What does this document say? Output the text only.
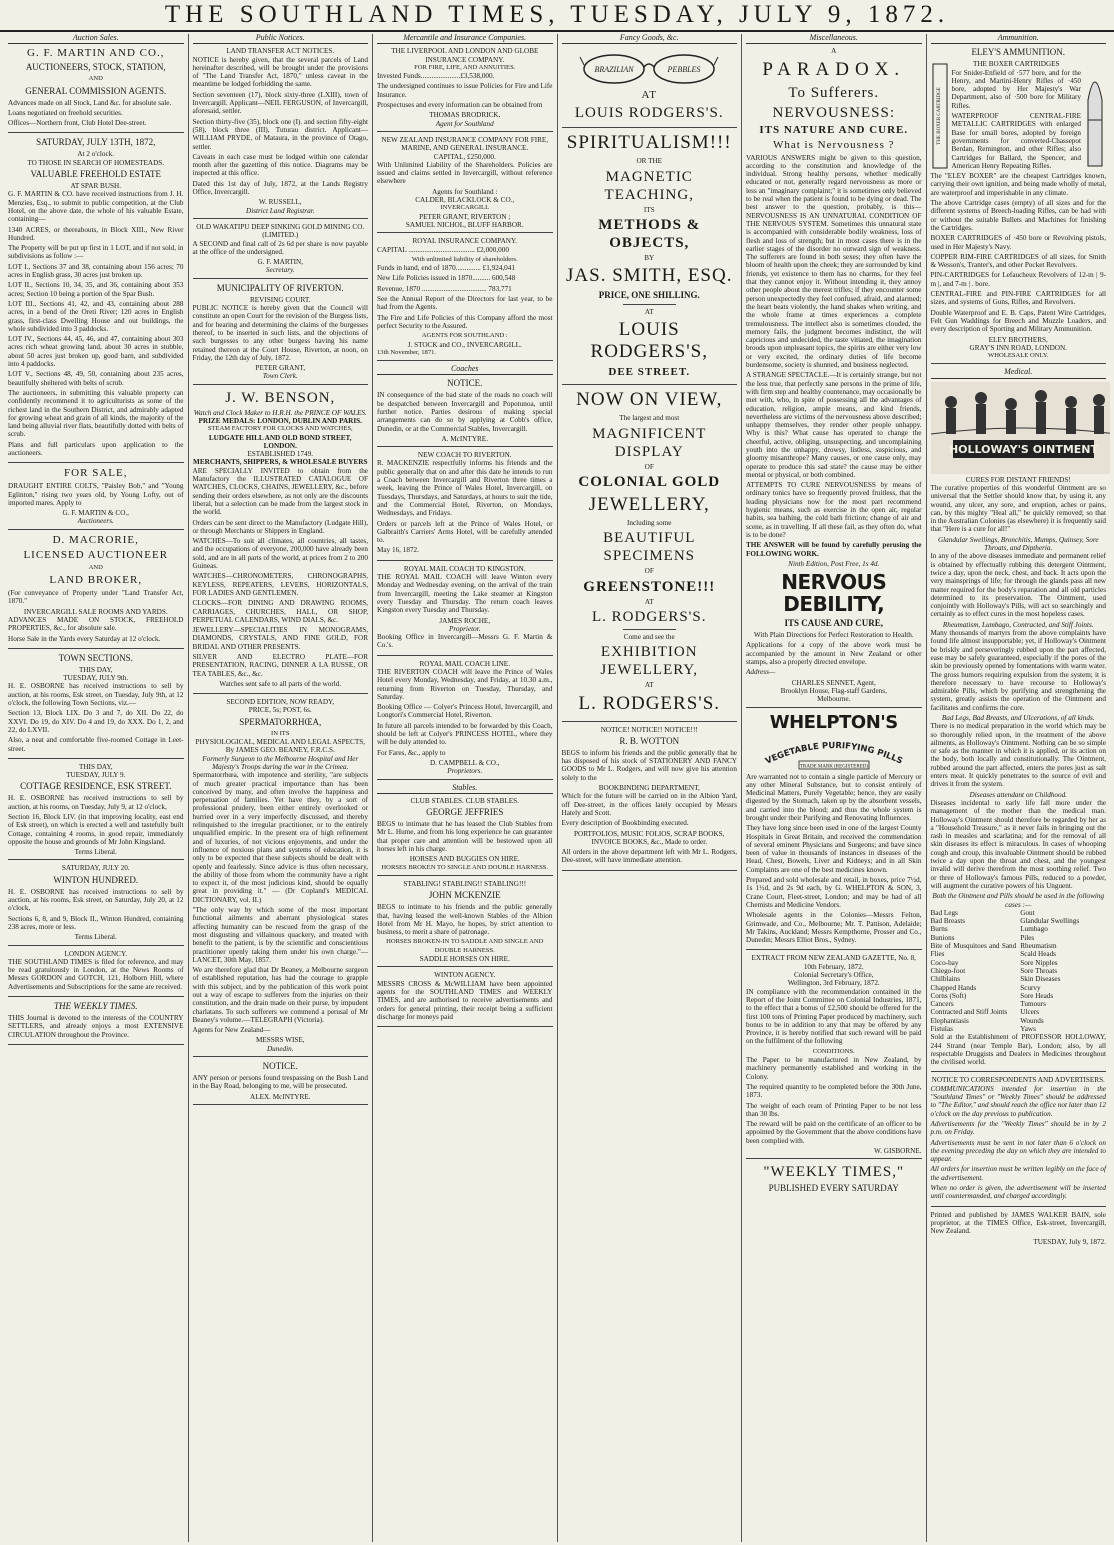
THE SOUTHLAND TIMES, TUESDAY, JULY 9, 1872.
Auction Sales.
G. F. MARTIN AND CO.,
AUCTIONEERS, STOCK, STATION,
AND
GENERAL COMMISSION AGENTS.

Advances made on all Stock, Land &c. for absolute sale.

Loans negotiated on freehold securities.

Offices—Northern front, Club Hotel Dee-street.

SATURDAY, JULY 13TH, 1872,
At 2 o'clock.
TO THOSE IN SEARCH OF HOMESTEADS.
VALUABLE FREEHOLD ESTATE
AT SPAR BUSH.

G. F. MARTIN & CO. have received instructions from J. H. Menzies, Esq., to submit to public competition, at the Club Hotel, on the above date, the whole of his valuable Estate, containing—

1340 ACRES, or thereabouts, in Block XIII., New River Hundred.

The Property will be put up first in 1 LOT, and if not sold, in subdivisions as follow :—

LOT I., Sections 37 and 38, containing about 156 acres; 70 acres in English grass, 30 acres just broken up.

LOT II., Sections 10, 34, 35, and 36, containing about 353 acres; Section 10 being a portion of the Spar Bush.

LOT III., Sections 41, 42, and 43, containing about 288 acres, in a bend of the Oreti River; 120 acres in English grass, first-class Dwelling House and out buildings, the whole subdivided into 3 paddocks.

LOT IV., Sections 44, 45, 46, and 47, containing about 303 acres rich wheat growing land, about 30 acres in stubble, about 50 acres just broken up, good barn, and subdivided into 4 paddocks.

LOT V., Sections 48, 49, 50, containing about 235 acres, beautifully sheltered with belts of scrub.

The auctioneers, in submitting this valuable property can confidently recommend it to agriculturists as some of the richest land in the Southern District, and admirably adapted for growing wheat and grain of all kinds, the majority of the land being alluvial river flats, beautifully dotted with belts of scrub.

Plans and full particulars upon application to the auctioneers.

FOR SALE,

DRAUGHT ENTIRE COLTS, "Paisley Bob," and "Young Eglinton," rising two years old, by Young Lofty, out of imported mares. Apply to

G. F. MARTIN & CO.,
Auctioneers.
D. MACRORIE,
LICENSED AUCTIONEER
AND
LAND BROKER,

(For conveyance of Property under "Land Transfer Act, 1870."

INVERCARGILL SALE ROOMS AND YARDS.

ADVANCES MADE ON STOCK, FREEHOLD PROPERTIES, &c., for absolute sale.

Horse Sale in the Yards every Saturday at 12 o'clock.

TOWN SECTIONS.
THIS DAY,
TUESDAY, JULY 9th.

H. E. OSBORNE has received instructions to sell by auction, at his rooms, Esk street, on Tuesday, July 9th, at 12 o'clock, the following Town Sections, viz.—

Section 13, Block LIX. Do 3 and 7, do XII. Do 22, do XXVI. Do 19, do XIV. Do 4 and 19, do XXX. Do 1, 2, and 22, do LXVII.

Also, a neat and comfortable five-roomed Cottage in Leet-street.

THIS DAY,
TUESDAY, JULY 9.
COTTAGE RESIDENCE, ESK STREET.

H. E. OSBORNE has received instructions to sell by auction, at his rooms, on Tuesday, July 9, at 12 o'clock,

Section 16, Block LIV. (in that improving locality, east end of Esk street), on which is erected a well and tastefully built Cottage, containing 4 rooms, in good repair, immediately opposite the house and grounds of Mr John Kingsland.

Terms Liberal.
SATURDAY, JULY 20.
WINTON HUNDRED.

H. E. OSBORNE has received instructions to sell by auction, at his rooms, Esk street, on Saturday, July 20, at 12 o'clock,

Sections 6, 8, and 9, Block II., Winton Hundred, containing 238 acres, more or less.

Terms Liberal.
LONDON AGENCY.

THE SOUTHLAND TIMES is filed for reference, and may be read gratuitously in London, at the News Rooms of Messrs GORDON and GOTCH, 121, Holborn Hill, where Advertisements and Subscriptions for the same are received.

THE WEEKLY TIMES.

THIS Journal is devoted to the interests of the COUNTRY SETTLERS, and already enjoys a most EXTENSIVE CIRCULATION throughout the Province.

Public Notices.
LAND TRANSFER ACT NOTICES.

NOTICE is hereby given, that the several parcels of Land hereinafter described, will be brought under the provisions of "The Land Transfer Act, 1870," unless caveat in the meantime be lodged forbidding the same.

Section seventeen (17), block sixty-three (LXIII), town of Invercargill. Applicant—NEIL FERGUSON, of Invercargill, aforesaid, settler.

Section thirty-five (35), block one (I). and section fifty-eight (58), block three (III), Tuturau district. Applicant—WILLIAM PRYDE, of Mataura, in the province of Otago, settler.

Caveats in each case must be lodged within one calendar month after the gazetting of this notice. Diagrams may be inspected at this office.

Dated this 1st day of July, 1872, at the Lands Registry Office, Invercargill.

W. RUSSELL,
District Land Registrar.
OLD WAKATIPU DEEP SINKING GOLD MINING CO. (LIMITED.)

A SECOND and final call of 2s 6d per share is now payable at the office of the undersigned.

G. F. MARTIN,
Secretary.
MUNICIPALITY OF RIVERTON.
REVISING COURT.

PUBLIC NOTICE is hereby given that the Council will constitute an open Court for the revision of the Burgess lists, and for hearing and determining the claims of the burgesses thereof, to be inserted in such lists, and the objections of such burgesses to any other burgess having his name retained thereon at the Court House, Riverton, at noon, on Friday, the 12th day of July, 1872.

PETER GRANT,
Town Clerk.
J. W. BENSON,
Watch and Clock Maker to H.R.H. the PRINCE OF WALES.
PRIZE MEDALS: LONDON, DUBLIN AND PARIS.
STEAM FACTORY FOR CLOCKS AND WATCHES,
LUDGATE HILL AND OLD BOND STREET, LONDON.
ESTABLISHED 1749.
MERCHANTS, SHIPPERS, & WHOLESALE BUYERS

ARE SPECIALLY INVITED to obtain from the Manufactory the ILLUSTRATED CATALOGUE OF WATCHES, CLOCKS, CHAINS, JEWELLERY, &c., before sending their orders elsewhere, as not only are the discounts liberal, but a selection can be made from the largest stock in the world.

Orders can be sent direct to the Manufactory (Ludgate Hill), or through Merchants or Shippers in England.

WATCHES—To suit all climates, all countries, all tastes, and the occupations of everyone, 200,000 have already been sold, and are in all parts of the world, at prices from 2 to 200 Guineas.

WATCHES—CHRONOMETERS, CHRONOGRAPHS, KEYLESS, REPEATERS, LEVERS, HORIZONTALS, FOR LADIES AND GENTLEMEN.

CLOCKS—FOR DINING AND DRAWING ROOMS, CARRIAGES, CHURCHES, HALL, OR SHOP, PERPETUAL CALENDARS, WIND DIALS, &c.

JEWELLERY—SPECIALITIES IN MONOGRAMS, DIAMONDS, CRYSTALS, AND FINE GOLD, FOR BRIDAL AND OTHER PRESENTS.

SILVER AND ELECTRO PLATE—FOR PRESENTATION, RACING, DINNER A LA RUSSE, OR TEA TABLES, &c., &c.

Watches sent safe to all parts of the world.

SECOND EDITION, NOW READY,
PRICE, 5s; POST, 6s.
SPERMATORRHŒA,
IN ITS
PHYSIOLOGICAL, MEDICAL AND LEGAL ASPECTS,
By JAMES GEO. BEANEY, F.R.C.S.
Formerly Surgeon to the Melbourne Hospital and Her Majesty's Troops during the war in the Crimea.

Spermatorrhœa, with impotence and sterility, "are subjects of much greater practical importance than has been conceived by many, and often involve the happiness and perpetuation of families. Yet have they, by a sort of professional prudery, been either entirely overlooked or hurried over in a very imperfectly discussed, and thereby relinquished to the irregular practitioner, or to the entirely unqualified empiric. In the present era of high refinement and of luxuries, of not vicious enjoyments, and under the influence of noxious plans and systems of education, it is only to be expected that these subjects should be dealt with openly and fearlessly. Since advice is thus often necessary, the ability of those from whom the community have a right to expect it, of the most judicious kind, should be equally great in providing it." — (Dr Copland's MEDICAL DICTIONARY, vol. II.)

"The only way by which some of the most important functional ailments and aberrant physiological states affecting humanity can be rescued from the grasp of the most disgusting and villainous quackery, and treated with benefit to the patient, is by the scientific and conscientious practitioner openly taking them under his own charge."—LANCET, 30th May, 1857.

We are therefore glad that Dr Beaney, a Melbourne surgeon of established reputation, has had the courage to grapple with this subject, and by the publication of this work point out a way of escape to sufferers from the injuries on their constitution, and the drain made on their purse, by impudent charlatans. To such sufferers we commend a perusal of Mr Beaney's volume.—TELEGRAPH (Victoria).

Agents for New Zealand—

MESSRS WISE,
Dunedin.
NOTICE.

ANY person or persons found trespassing on the Bush Land in the Bay Road, belonging to me, will be prosecuted.

ALEX. McINTYRE.
Mercantile and Insurance Companies.
THE LIVERPOOL AND LONDON AND GLOBE INSURANCE COMPANY.
FOR FIRE, LIFE, AND ANNUITIES.

Invested Funds......................£3,538,000.

The undersigned continues to issue Policies for Fire and Life Insurance.

Prospectuses and every information can be obtained from

THOMAS BRODRICK,
Agent for Southland
NEW ZEALAND INSURANCE COMPANY FOR FIRE, MARINE, AND GENERAL INSURANCE.
CAPITAL, £250,000.

With Unlimited Liability of the Shareholders. Policies are issued and claims settled in Invercargill, without reference elsewhere

Agents for Southland :
CALDER, BLACKLOCK & CO.,
INVERCARGILL
PETER GRANT, RIVERTON ;
SAMUEL NICHOL, BLUFF HARBOR.
ROYAL INSURANCE COMPANY.

CAPITAL ..................................... £2,000,000

With unlimited liability of shareholders.

Funds in hand, end of 1870.............. £1,924,041

New Life Policies issued in 1870.......... 600,548

Revenue, 1870 .................................... 783,771

See the Annual Report of the Directors for last year, to be had from the Agents.

The Fire and Life Policies of this Company afford the most perfect Security to the Assured.

AGENTS FOR SOUTHLAND :
J. STOCK and CO., INVERCARGILL.
13th November, 1871.
Coaches
NOTICE.

IN consequence of the bad state of the roads no coach will be despatched between Invercargill and Popotunoa, until further notice. Parties desirous of making special arrangements can do so by applying at Cobb's office, Dunedin, or at the Commercial Stables, Invercargill.

A. McINTYRE.
NEW COACH TO RIVERTON.

R. MACKENZIE respectfully informs his friends and the public generally that on and after this date he intends to run a Coach between Invercargill and Riverton three times a week, leaving the Prince of Wales Hotel, Invercargill, on Tuesdays, Thursdays, and Saturdays, at hours to suit the tide, and the Commercial Hotel, Riverton, on Mondays, Wednesdays, and Fridays.

Orders or parcels left at the Prince of Wales Hotel, or Galbraith's Carriers' Arms Hotel, will be carefully attended to.

May 16, 1872.

ROYAL MAIL COACH TO KINGSTON.

THE ROYAL MAIL COACH will leave Winton every Monday and Wednesday evening, on the arrival of the train from Invercargill, meeting the Lake steamer at Kingston every Tuesday and Thursday. The return coach leaves Kingston every Tuesday and Thursday.

JAMES ROCHE,
Proprietor.

Booking Office in Invercargill—Messrs G. F. Martin & Co.'s.

ROYAL MAIL COACH LINE.

THE RIVERTON COACH will leave the Prince of Wales Hotel every Monday, Wednesday, and Friday, at 10.30 a.m., returning from Riverton on Tuesday, Thursday, and Saturday.

Booking Office — Colyer's Princess Hotel, Invercargill, and Longtori's Commercial Hotel, Riverton.

In future all parcels intended to be forwarded by this Coach, should be left at Colyer's PRINCESS HOTEL, where they will be duly attended to.

For Fares, &c., apply to

D. CAMPBELL & CO.,
Proprietors.
Stables.
CLUB STABLES. CLUB STABLES.
GEORGE JEFFRIES

BEGS to intimate that he has leased the Club Stables from Mr L. Hume, and from his long experience he can guarantee that proper care and attention will be bestowed upon all horses left in his charge.

HORSES AND BUGGIES ON HIRE.
HORSES BROKEN TO SINGLE AND DOUBLE HARNESS.
STABLING! STABLING!! STABLING!!!
JOHN MCKENZIE

BEGS to intimate to his friends and the public generally that, having leased the well-known Stables of the Albion Hotel from Mr H. Mayo, he hopes, by strict attention to business, to merit a share of patronage.

HORSES BROKEN-IN TO SADDLE AND SINGLE AND DOUBLE HARNESS.
SADDLE HORSES ON HIRE.
WINTON AGENCY.

MESSRS CROSS & McWILLIAM have been appointed agents for the SOUTHLAND TIMES and WEEKLY TIMES, and are authorised to receive advertisements and orders for general printing, their receipt being a sufficient discharge for moneys paid

Fancy Goods, &c.
BRAZILIAN	PEBBLES
AT
LOUIS RODGERS'S.
SPIRITUALISM!!!
OR THE
MAGNETIC TEACHING,
ITS
METHODS & OBJECTS,
BY
JAS. SMITH, ESQ.
PRICE, ONE SHILLING.
AT
LOUIS RODGERS'S,
DEE STREET.
NOW ON VIEW,
The largest and most
MAGNIFICENT DISPLAY
OF
COLONIAL GOLD
JEWELLERY,
Including some
BEAUTIFUL SPECIMENS
OF
GREENSTONE!!!
AT
L. RODGERS'S.
Come and see the
EXHIBITION JEWELLERY,
AT
L. RODGERS'S.
NOTICE! NOTICE!! NOTICE!!!
R. B. WOTTON

BEGS to inform his friends and the public generally that he has disposed of his stock of STATIONERY AND FANCY GOODS to Mr L. Rodgers, and will now give his attention solely to the

BOOKBINDING DEPARTMENT,

Which for the future will be carried on in the Albion Yard, off Dee-street, in the offices lately occupied by Messrs Hately and Scott.

Every description of Bookbinding executed.

PORTFOLIOS, MUSIC FOLIOS, SCRAP BOOKS, INVOICE BOOKS, &c., Made to order.

All orders in the above department left with Mr L. Rodgers, Dee-street, will have immediate attention.

Miscellaneous.
A
PARADOX.
To Sufferers.
NERVOUSNESS:
ITS NATURE AND CURE.
What is Nervousness ?

VARIOUS ANSWERS might be given to this question, according to the constitution and knowledge of the individual. Strong healthy persons, whether medically educated or not, generally regard nervousness as more or less an "imaginary complaint;" it is sometimes only believed to be real when the patient is found to be dying or dead. The best answer to the question, probably, is this—NERVOUSNESS IS AN UNNATURAL CONDITION OF THE NERVOUS SYSTEM. Sometimes this unnatural state is accompanied with considerable bodily weakness, loss of flesh and loss of strength; but in most cases there is in the earlier stages of the disorder no outward sign of weakness. The sufferers are found in both sexes; they often have the bloom of health upon the cheek; they are surrounded by kind friends, yet existence to them has no charms, for they feel that they cannot enjoy it. Without intending it, they annoy other people about the merest trifles; if they encounter some person unexpectedly they feel confused, afraid, and alarmed; the heart beats violently, the hand shakes when writing, and the whole frame at times experiences a complete tremulousness. The intellect also is sometimes clouded, the memory fails, the judgment becomes indistinct, the will capricious and undecided, the taste vitiated, the imagination broods upon unpleasant topics, the spirits are either very low or very excited, the ordinary duties of life become burdensome, society is shunned, and business neglected.

A STRANGE SPECTACLE.—It is certainly strange, but not the less true, that perfectly sane persons in the prime of life, with firm step and healthy countenance, may occasionally be met with, who, in spite of possessing all the advantages of education, religion, ample means, and kind friends, nevertheless are victims of the nervousness above described; unhappy themselves, they render other people unhappy. Why is this? What cause has operated to change the cheerful, active, obliging, unsuspecting, and uncomplaining youth into the unhappy, drowsy, listless, suspicious, and gloomy misanthrope? Many causes, or one cause only, may operate to produce this sad state? the cause may be either mental or physical, or both combined.

ATTEMPTS TO CURE NERVOUSNESS by means of ordinary tonics have so frequently proved fruitless, that the leading physicians now for the most part recommend hygienic means, such as exercise in the open air, regular habits, sea bathing, the cold bath friction; change of air and scene, as in travelling. If all these fail, as they often do, what is to be done?

THE ANSWER will be found by carefully perusing the FOLLOWING WORK.

Ninth Edition, Post Free, 1s 4d.
NERVOUS DEBILITY,
ITS CAUSE AND CURE,

With Plain Directions for Perfect Restoration to Health.

Applications for a copy of the above work must be accompanied by the amount in New Zealand or other stamps, also a properly directed envelope.

Address—

CHARLES SENNET, Agent,
Brooklyn House, Flag-staff Gardens,
Melbourne.
WHELPTON'S
VEGETABLE PURIFYING PILLS
TRADE MARK (REGISTERED)

Are warranted not to contain a single particle of Mercury or any other Mineral Substance, but to consist entirely of Medicinal Matters, Purely Vegetable; hence, they are easily digested by the Stomach, taken up by the absorbent vessels, and carried into the blood; and thus the whole system is brought under their Purifying and Renovating Influences.

They have long since been used in one of the largest County Hospitals in Great Britain, and received the commendation of several eminent Physicians and Surgeons; and have since been of value in thousands of instances in diseases of the Head, Chest, Bowels, Liver and Kidneys; and in all Skin Complaints are one of the best medicines known.

Prepared and sold wholesale and retail, in boxes, price 7½d, 1s 1½d, and 2s 9d each, by G. WHELPTON & SON, 3, Crane Court, Fleet-street, London; and may be had of all Chemists and Medicine Vendors.

Wholesale agents in the Colonies—Messrs Felton, Grimwade, and Co., Melbourne; Mr. T. Pattison, Adelaide; Mr Takins, Auckland; Messrs Kempthorne, Prosser and Co., Dunedin; Messrs Elliot Bros., Sydney.

EXTRACT FROM NEW ZEALAND GAZETTE, No. 8, 10th February, 1872.
Colonial Secretary's Office,
Wellington, 3rd February, 1872.

IN compliance with the recommendation contained in the Report of the Joint Committee on Colonial Industries, 1871, to the effect that a bonus of £2,500 should be offered for the first 100 tons of Printing Paper produced by machinery, such bonus to be in addition to any that may be offered by any Province, it is hereby notified that such reward will be paid on the fulfilment of the following

CONDITIONS.

The Paper to be manufactured in New Zealand, by machinery permanently established and working in the Colony.

The required quantity to be completed before the 30th June, 1873.

The weight of each ream of Printing Paper to be not less than 30 lbs.

The reward will be paid on the certificate of an officer to be appointed by the Government that the above conditions have been complied with.

W. GISBORNE.
"WEEKLY TIMES,"
PUBLISHED EVERY SATURDAY
Ammunition.
ELEY'S AMMUNITION.
THE BOXER CARTRIDGE
THE BOXER CARTRIDGES

For Snider-Enfield of ·577 bore, and for the Henry, and Martini-Henry Rifles of ·450 bore, adopted by Her Majesty's War Department, also of ·500 bore for Military Rifles.

WATERPROOF CENTRAL-FIRE METALLIC CARTRIDGES with enlarged Base for small bores, adopted by foreign governments for converted-Chassepot Berdan, Remington, and other Rifles; also Cartridges for Ballard, the Spencer, and American Henry Repeating Rifles.

The "ELEY BOXER" are the cheapest Cartridges known, carrying their own ignition, and being made wholly of metal, are waterproof and imperishable in any climate.

The above Cartridge cases (empty) of all sizes and for the different systems of Breech-loading Rifles, can be had with or without the suitable Bullets and Machines for finishing the Cartridges.

BOXER CARTRIDGES of ·450 bore or Revolving pistols, used in Her Majesty's Navy.

COPPER RIM-FIRE CARTRIDGES of all sizes, for Smith & Wesson's, Tranter's, and other Pocket Revolvers.

PIN-CARTRIDGES for Lefaucheux Revolvers of 12-m | 9-m |, and 7-m | . bore.

CENTRAL-FIRE and PIN-FIRE CARTRIDGES for all sizes, and systems of Guns, Rifles, and Revolvers.

Double Waterproof and E. B. Caps, Patent Wire Cartridges, Felt Gun Waddings for Breech and Muzzle Loaders, and every description of Sporting and Military Ammunition.

ELEY BROTHERS,
GRAY'S INN ROAD, LONDON.
WHOLESALE ONLY.
Medical.
HOLLOWAY'S OINTMENT
CURES FOR DISTANT FRIENDS!

The curative properties of this wonderful Ointment are so universal that the Settler should know that, by using it, any wound, any ulcer, any sore, and eruption, aches or pains, can, by this mighty "Heal all," be quickly removed; so that in the Australian Colonies (as elsewhere) it is frequently said that "Here is a cure for all!"

Glandular Swellings, Bronchitis, Mumps, Quinsey, Sore Throats, and Diptheria.

In any of the above diseases immediate and permanent relief is obtained by effectually rubbing this detergent Ointment, twice a day, upon the neck, chest, and back. It acts upon the very mainsprings of life; for through the glands pass all new matter required for the body's reparation and all old particles determined to its preservation. The Ointment, used conjointly with Holloway's Pills, will act so searchingly and certainly as to effect cures in the most hopeless cases.

Rheumatism, Lumbago, Contracted, and Stiff Joints.

Many thousands of martyrs from the above complaints have found life almost insupportable; yet, if Holloway's Ointment be briskly and perseveringly rubbed upon the part affected, ease may be safely guaranteed, especially if the pores of the skin be previously opened by fomentations with warm water. The gross humors requiring expulsion from the system; it is therefore necessary to have recourse to Holloway's admirable Pills, which by purifying and strengthening the system, greatly assists the operation of the Ointment and facilitates and confirms the cure.

Bad Legs, Bad Breasts, and Ulcerations, of all kinds.

There is no medical preparation in the world which may be so thoroughly relied upon, in the treatment of the above ailments, as Holloway's Ointment. Nothing can be so simple or safe as the manner in which it is applied, or its action on the body, both locally and constitutionally. The Ointment, rubbed around the part affected, enters the pores just as salt enters meat. It quickly penetrates to the source of evil and drives it from the system.

Diseases attendant on Childhood.

Diseases incidental to early life fall more under the management of the mother than the medical man. Holloway's Ointment should therefore be regarded by her as a "Household Treasure," as it never fails in bringing out the rash in measles and scarlatina; and for the removal of all skin diseases its effect is miraculous. In cases of whooping cough and croup, this invaluable Ointment should be rubbed twice a day upon the throat and chest, and the youngest invalid will derive therefrom the most soothing relief. Two or three of Holloway's famous Pills, reduced to a powder, will augment the curative powers of his Unguent.

Both the Ointment and Pills should be used in the following cases :—
Bad Legs
Bad Breasts
Burns
Bunions
Bite of Musquitoes and Sand Flies
Coco-bay
Chiego-foot
Chilblains
Chapped Hands
Corns (Soft)
Cancers
Contracted and Stiff Joints
Elephantiasis
Fistulas
Gout
Glandular Swellings
Lumbago
Piles
Rheumatism
Scald Heads
Sore Nipples
Sore Throats
Skin Diseases
Scurvy
Sore Heads
Tumours
Ulcers
Wounds
Yaws

Sold at the Establishment of PROFESSOR HOLLOWAY, 244 Strand (near Temple Bar), London; also, by all respectable Druggists and Dealers in Medicines throughout the civilised world.

NOTICE TO CORRESPONDENTS AND ADVERTISERS.

COMMUNICATIONS intended for insertion in the "Southland Times" or "Weekly Times" should be addressed to "The Editor," and should reach the office not later than 12 o'clock on the day previous to publication.

Advertisements for the "Weekly Times" should be in by 2 p.m. on Friday.

Advertisements must be sent in not later than 6 o'clock on the evening preceding the day on which they are intended to appear.

All orders for insertion must be written legibly on the face of the advertisement.

When no order is given, the advertisement will be inserted until countermanded, and charged accordingly.

Printed and published by JAMES WALKER BAIN, sole proprietor, at the TIMES Office, Esk-street, Invercargill, New Zealand.

TUESDAY, July 9, 1872.
